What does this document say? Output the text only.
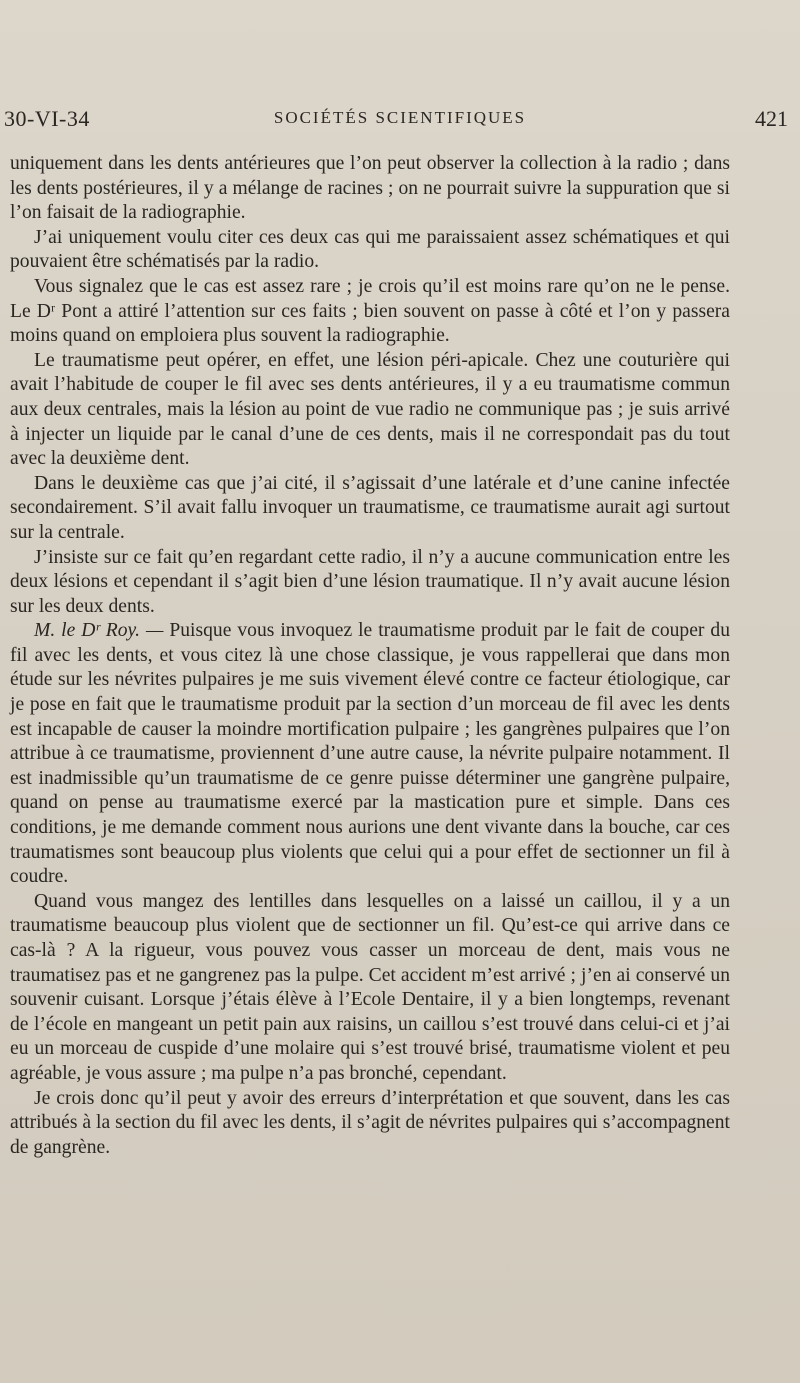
30-VI-34	SOCIÉTÉS SCIENTIFIQUES	421

uniquement dans les dents antérieures que l’on peut observer la collection à la radio ; dans les dents postérieures, il y a mélange de racines ; on ne pourrait suivre la suppuration que si l’on faisait de la radiographie.

J’ai uniquement voulu citer ces deux cas qui me paraissaient assez schématiques et qui pouvaient être schématisés par la radio.

Vous signalez que le cas est assez rare ; je crois qu’il est moins rare qu’on ne le pense. Le Dʳ Pont a attiré l’attention sur ces faits ; bien souvent on passe à côté et l’on y passera moins quand on emploiera plus souvent la radiographie.

Le traumatisme peut opérer, en effet, une lésion péri-apicale. Chez une couturière qui avait l’habitude de couper le fil avec ses dents antérieures, il y a eu traumatisme commun aux deux centrales, mais la lésion au point de vue radio ne communique pas ; je suis arrivé à injecter un liquide par le canal d’une de ces dents, mais il ne correspondait pas du tout avec la deuxième dent.

Dans le deuxième cas que j’ai cité, il s’agissait d’une latérale et d’une canine infectée secondairement. S’il avait fallu invoquer un traumatisme, ce traumatisme aurait agi surtout sur la centrale.

J’insiste sur ce fait qu’en regardant cette radio, il n’y a aucune communication entre les deux lésions et cependant il s’agit bien d’une lésion traumatique. Il n’y avait aucune lésion sur les deux dents.

M. le Dʳ Roy. — Puisque vous invoquez le traumatisme produit par le fait de couper du fil avec les dents, et vous citez là une chose classique, je vous rappellerai que dans mon étude sur les névrites pulpaires je me suis vivement élevé contre ce facteur étiologique, car je pose en fait que le traumatisme produit par la section d’un morceau de fil avec les dents est incapable de causer la moindre mortification pulpaire ; les gangrènes pulpaires que l’on attribue à ce traumatisme, proviennent d’une autre cause, la névrite pulpaire notamment. Il est inadmissible qu’un traumatisme de ce genre puisse déterminer une gangrène pulpaire, quand on pense au traumatisme exercé par la mastication pure et simple. Dans ces conditions, je me demande comment nous aurions une dent vivante dans la bouche, car ces traumatismes sont beaucoup plus violents que celui qui a pour effet de sectionner un fil à coudre.

Quand vous mangez des lentilles dans lesquelles on a laissé un caillou, il y a un traumatisme beaucoup plus violent que de sectionner un fil. Qu’est-ce qui arrive dans ce cas-là ? A la rigueur, vous pouvez vous casser un morceau de dent, mais vous ne traumatisez pas et ne gangrenez pas la pulpe. Cet accident m’est arrivé ; j’en ai conservé un souvenir cuisant. Lorsque j’étais élève à l’Ecole Dentaire, il y a bien longtemps, revenant de l’école en mangeant un petit pain aux raisins, un caillou s’est trouvé dans celui-ci et j’ai eu un morceau de cuspide d’une molaire qui s’est trouvé brisé, traumatisme violent et peu agréable, je vous assure ; ma pulpe n’a pas bronché, cependant.

Je crois donc qu’il peut y avoir des erreurs d’interprétation et que souvent, dans les cas attribués à la section du fil avec les dents, il s’agit de névrites pulpaires qui s’accompagnent de gangrène.
